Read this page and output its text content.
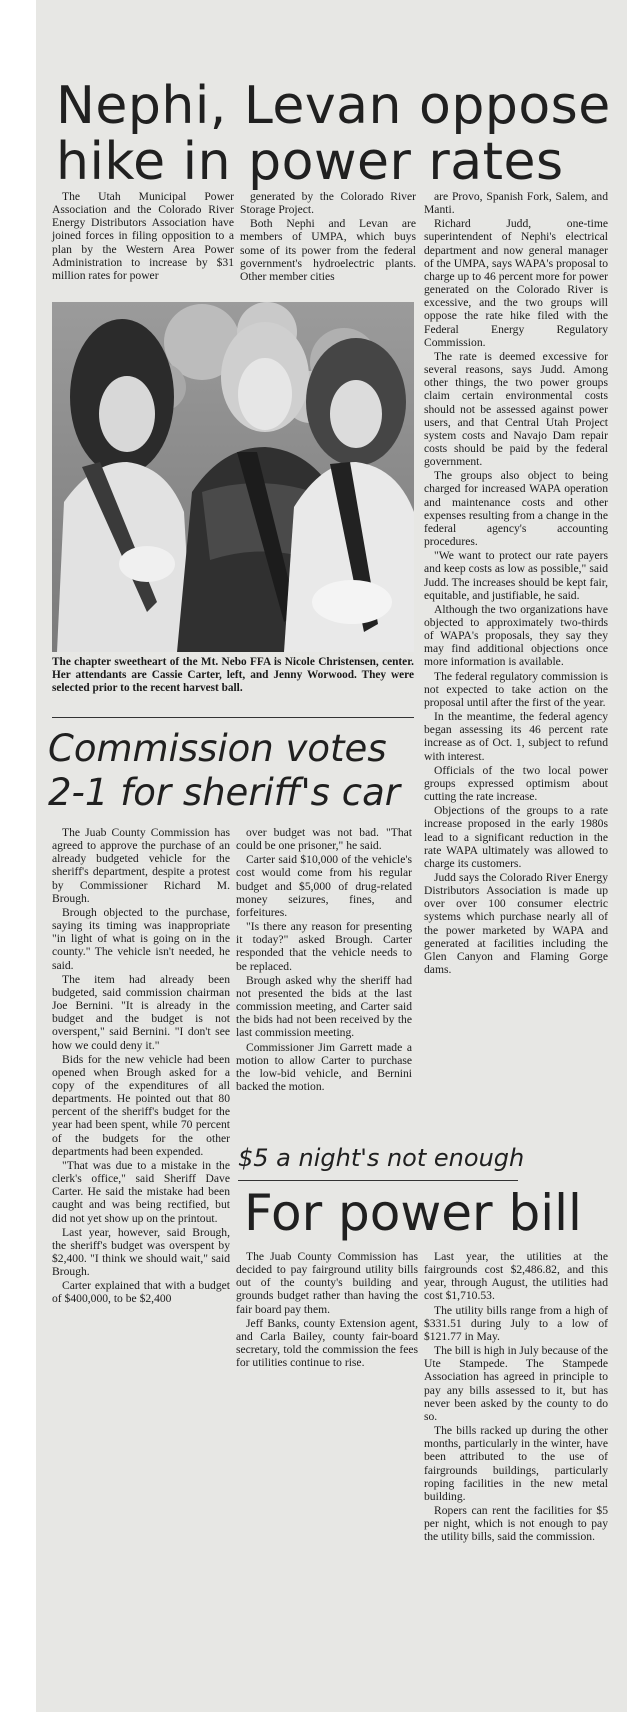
Nephi, Levan oppose
hike in power rates

The Utah Municipal Power Association and the Colorado River Energy Distributors Association have joined forces in filing opposition to a plan by the Western Area Power Administration to increase by $31 million rates for power

generated by the Colorado River Storage Project.

Both Nephi and Levan are members of UMPA, which buys some of its power from the federal government's hydroelectric plants. Other member cities

are Provo, Spanish Fork, Salem, and Manti.

Richard Judd, one-time superintendent of Nephi's electrical department and now general manager of the UMPA, says WAPA's proposal to charge up to 46 percent more for power generated on the Colorado River is excessive, and the two groups will oppose the rate hike filed with the Federal Energy Regulatory Commission.

The rate is deemed excessive for several reasons, says Judd. Among other things, the two power groups claim certain environmental costs should not be assessed against power users, and that Central Utah Project system costs and Navajo Dam repair costs should be paid by the federal government.

The groups also object to being charged for increased WAPA operation and maintenance costs and other expenses resulting from a change in the federal agency's accounting procedures.

"We want to protect our rate payers and keep costs as low as possible," said Judd. The increases should be kept fair, equitable, and justifiable, he said.

Although the two organizations have objected to approximately two-thirds of WAPA's proposals, they say they may find additional objections once more information is available.

The federal regulatory commission is not expected to take action on the proposal until after the first of the year.

In the meantime, the federal agency began assessing its 46 percent rate increase as of Oct. 1, subject to refund with interest.

Officials of the two local power groups expressed optimism about cutting the rate increase.

Objections of the groups to a rate increase proposed in the early 1980s lead to a significant reduction in the rate WAPA ultimately was allowed to charge its customers.

Judd says the Colorado River Energy Distributors Association is made up over over 100 consumer electric systems which purchase nearly all of the power marketed by WAPA and generated at facilities including the Glen Canyon and Flaming Gorge dams.

The chapter sweetheart of the Mt. Nebo FFA is Nicole Christensen, center. Her attendants are Cassie Carter, left, and Jenny Worwood. They were selected prior to the recent harvest ball.

Commission votes
2-1 for sheriff's car

The Juab County Commission has agreed to approve the purchase of an already budgeted vehicle for the sheriff's department, despite a protest by Commissioner Richard M. Brough.

Brough objected to the purchase, saying its timing was inappropriate "in light of what is going on in the county." The vehicle isn't needed, he said.

The item had already been budgeted, said commission chairman Joe Bernini. "It is already in the budget and the budget is not overspent," said Bernini. "I don't see how we could deny it."

Bids for the new vehicle had been opened when Brough asked for a copy of the expenditures of all departments. He pointed out that 80 percent of the sheriff's budget for the year had been spent, while 70 percent of the budgets for the other departments had been expended.

"That was due to a mistake in the clerk's office," said Sheriff Dave Carter. He said the mistake had been caught and was being rectified, but did not yet show up on the printout.

Last year, however, said Brough, the sheriff's budget was overspent by $2,400. "I think we should wait," said Brough.

Carter explained that with a budget of $400,000, to be $2,400

over budget was not bad. "That could be one prisoner," he said.

Carter said $10,000 of the vehicle's cost would come from his regular budget and $5,000 of drug-related money seizures, fines, and forfeitures.

"Is there any reason for presenting it today?" asked Brough. Carter responded that the vehicle needs to be replaced.

Brough asked why the sheriff had not presented the bids at the last commission meeting, and Carter said the bids had not been received by the last commission meeting.

Commissioner Jim Garrett made a motion to allow Carter to purchase the low-bid vehicle, and Bernini backed the motion.

$5 a night's not enough
For power bill

The Juab County Commission has decided to pay fairground utility bills out of the county's building and grounds budget rather than having the fair board pay them.

Jeff Banks, county Extension agent, and Carla Bailey, county fair-board secretary, told the commission the fees for utilities continue to rise.

Last year, the utilities at the fairgrounds cost $2,486.82, and this year, through August, the utilities had cost $1,710.53.

The utility bills range from a high of $331.51 during July to a low of $121.77 in May.

The bill is high in July because of the Ute Stampede. The Stampede Association has agreed in principle to pay any bills assessed to it, but has never been asked by the county to do so.

The bills racked up during the other months, particularly in the winter, have been attributed to the use of fairgrounds buildings, particularly roping facilities in the new metal building.

Ropers can rent the facilities for $5 per night, which is not enough to pay the utility bills, said the commission.
